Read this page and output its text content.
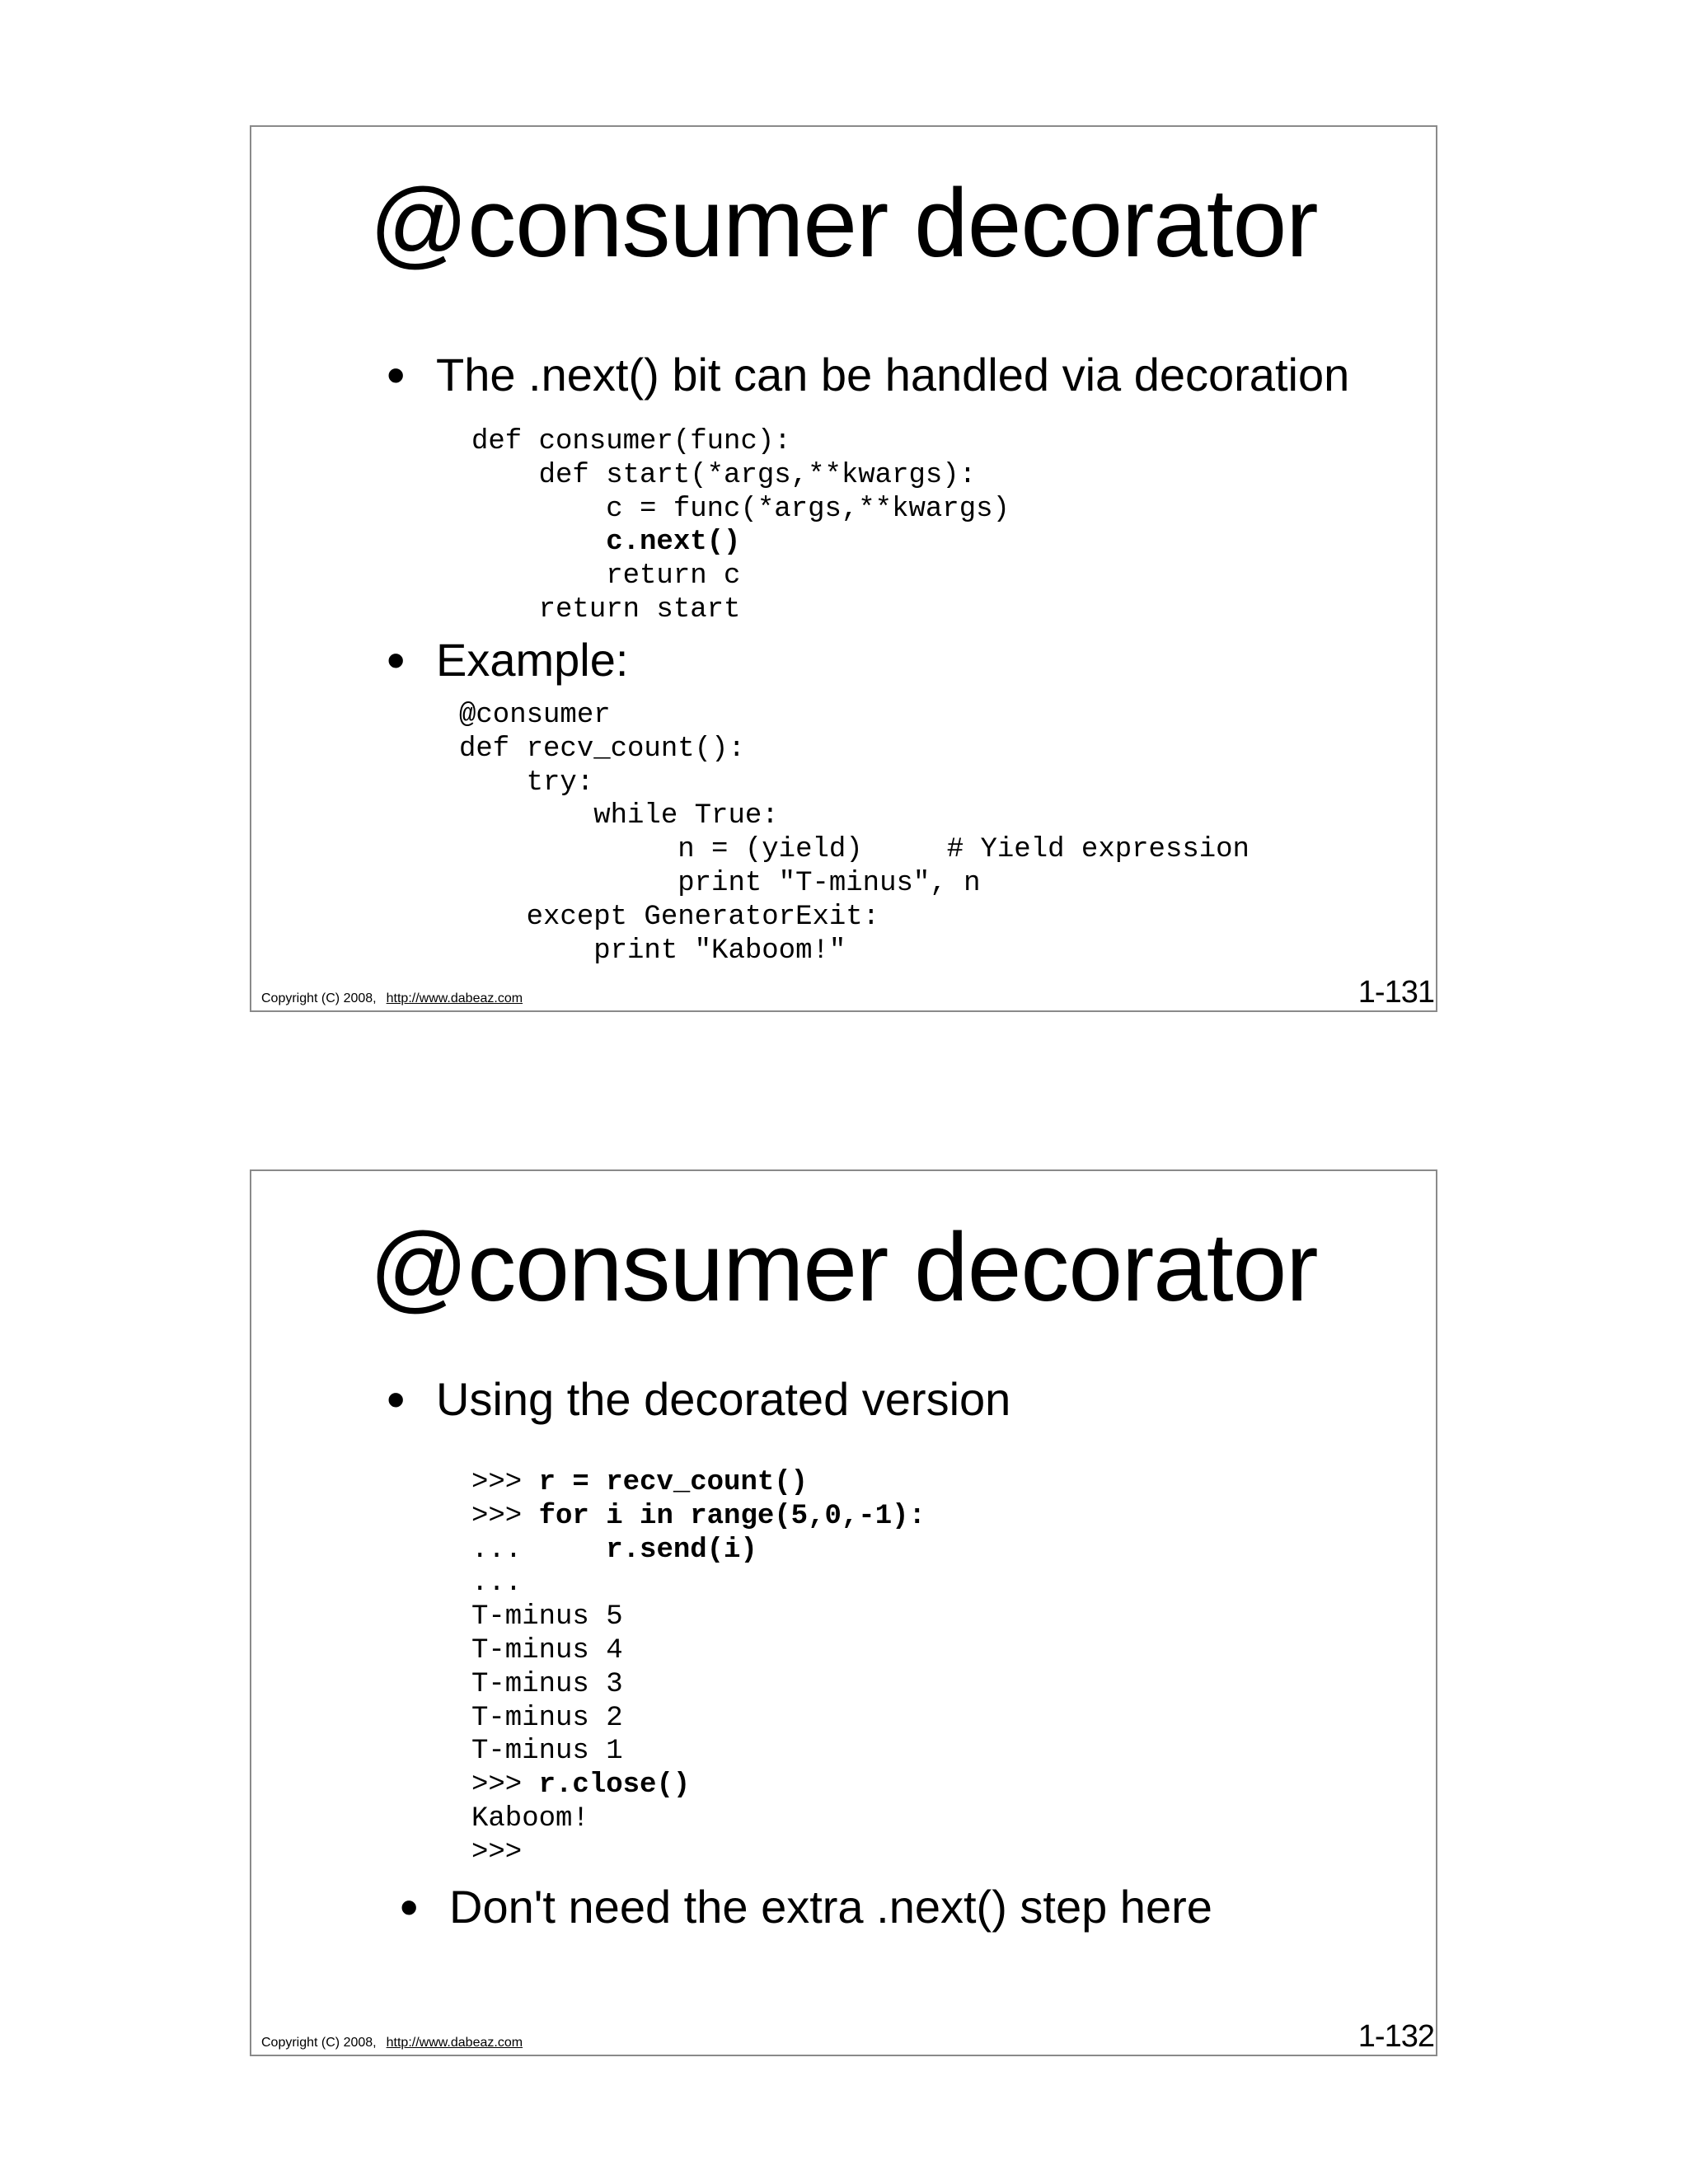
@consumer decorator
• The .next() bit can be handled via decoration
def consumer(func):
def start(*args,**kwargs):
c = func(*args,**kwargs)
c.next()
return c
return start
• Example:
@consumer
def recv_count():
try:
while True:
n = (yield)     # Yield expression
print "T-minus", n
except GeneratorExit:
print "Kaboom!"
Copyright (C) 2008, http://www.dabeaz.com	1-131
@consumer decorator
• Using the decorated version
>>> r = recv_count()
>>> for i in range(5,0,-1):
...     r.send(i)
...
T-minus 5
T-minus 4
T-minus 3
T-minus 2
T-minus 1
>>> r.close()
Kaboom!
>>>
• Don't need the extra .next() step here
Copyright (C) 2008, http://www.dabeaz.com	1-132
